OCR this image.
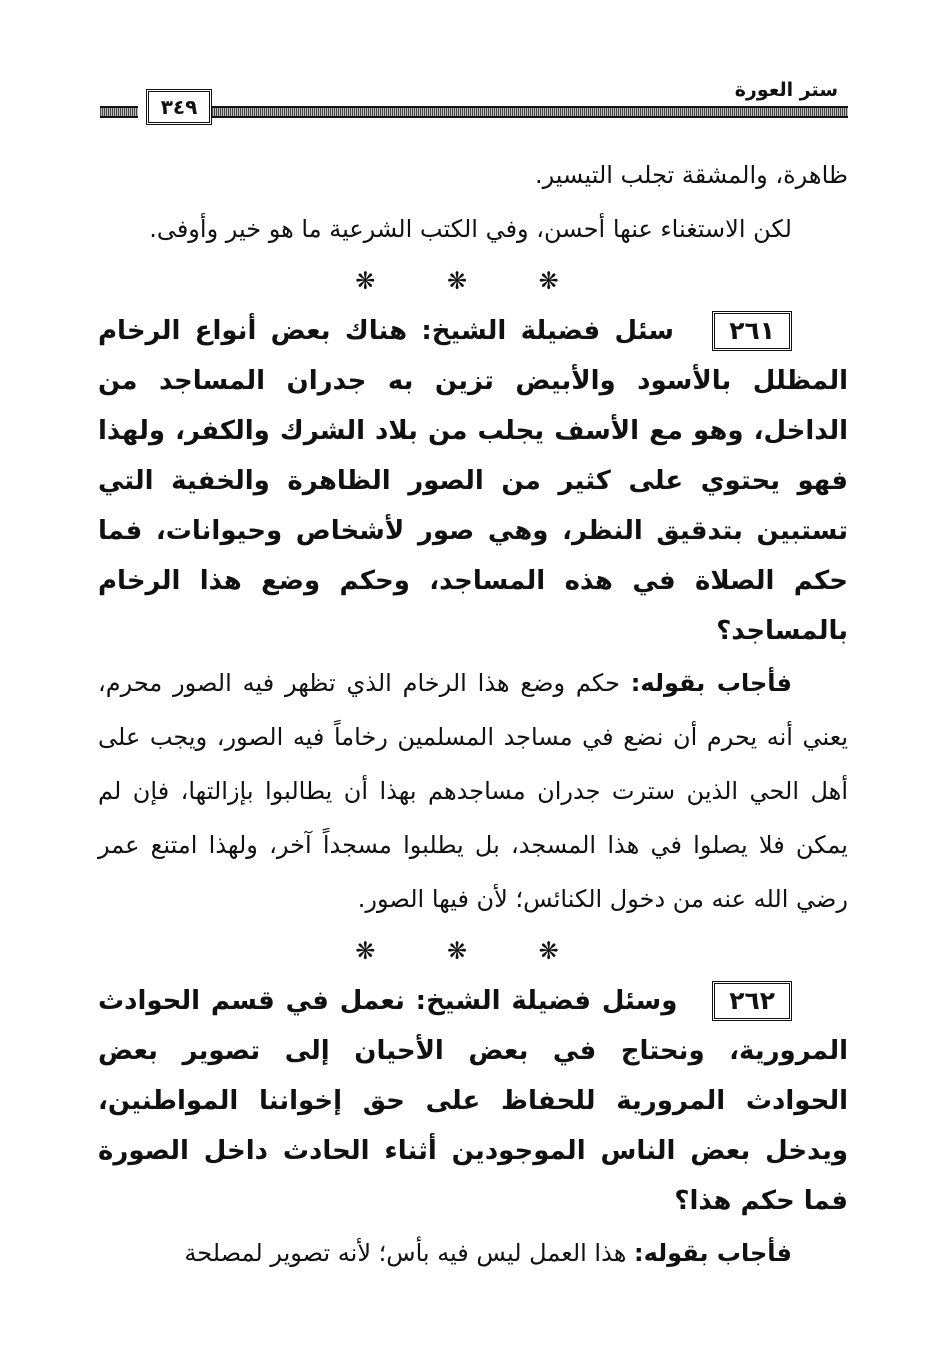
ستر العورة
٣٤٩

ظاهرة، والمشقة تجلب التيسير.

لكن الاستغناء عنها أحسن، وفي الكتب الشرعية ما هو خير وأوفى.

❋ ❋ ❋

٢٦١ سئل فضيلة الشيخ: هناك بعض أنواع الرخام المظلل بالأسود والأبيض تزين به جدران المساجد من الداخل، وهو مع الأسف يجلب من بلاد الشرك والكفر، ولهذا فهو يحتوي على كثير من الصور الظاهرة والخفية التي تستبين بتدقيق النظر، وهي صور لأشخاص وحيوانات، فما حكم الصلاة في هذه المساجد، وحكم وضع هذا الرخام بالمساجد؟

فأجاب بقوله: حكم وضع هذا الرخام الذي تظهر فيه الصور محرم، يعني أنه يحرم أن نضع في مساجد المسلمين رخاماً فيه الصور، ويجب على أهل الحي الذين سترت جدران مساجدهم بهذا أن يطالبوا بإزالتها، فإن لم يمكن فلا يصلوا في هذا المسجد، بل يطلبوا مسجداً آخر، ولهذا امتنع عمر رضي الله عنه من دخول الكنائس؛ لأن فيها الصور.

❋ ❋ ❋

٢٦٢ وسئل فضيلة الشيخ: نعمل في قسم الحوادث المرورية، ونحتاج في بعض الأحيان إلى تصوير بعض الحوادث المرورية للحفاظ على حق إخواننا المواطنين، ويدخل بعض الناس الموجودين أثناء الحادث داخل الصورة فما حكم هذا؟

فأجاب بقوله: هذا العمل ليس فيه بأس؛ لأنه تصوير لمصلحة
